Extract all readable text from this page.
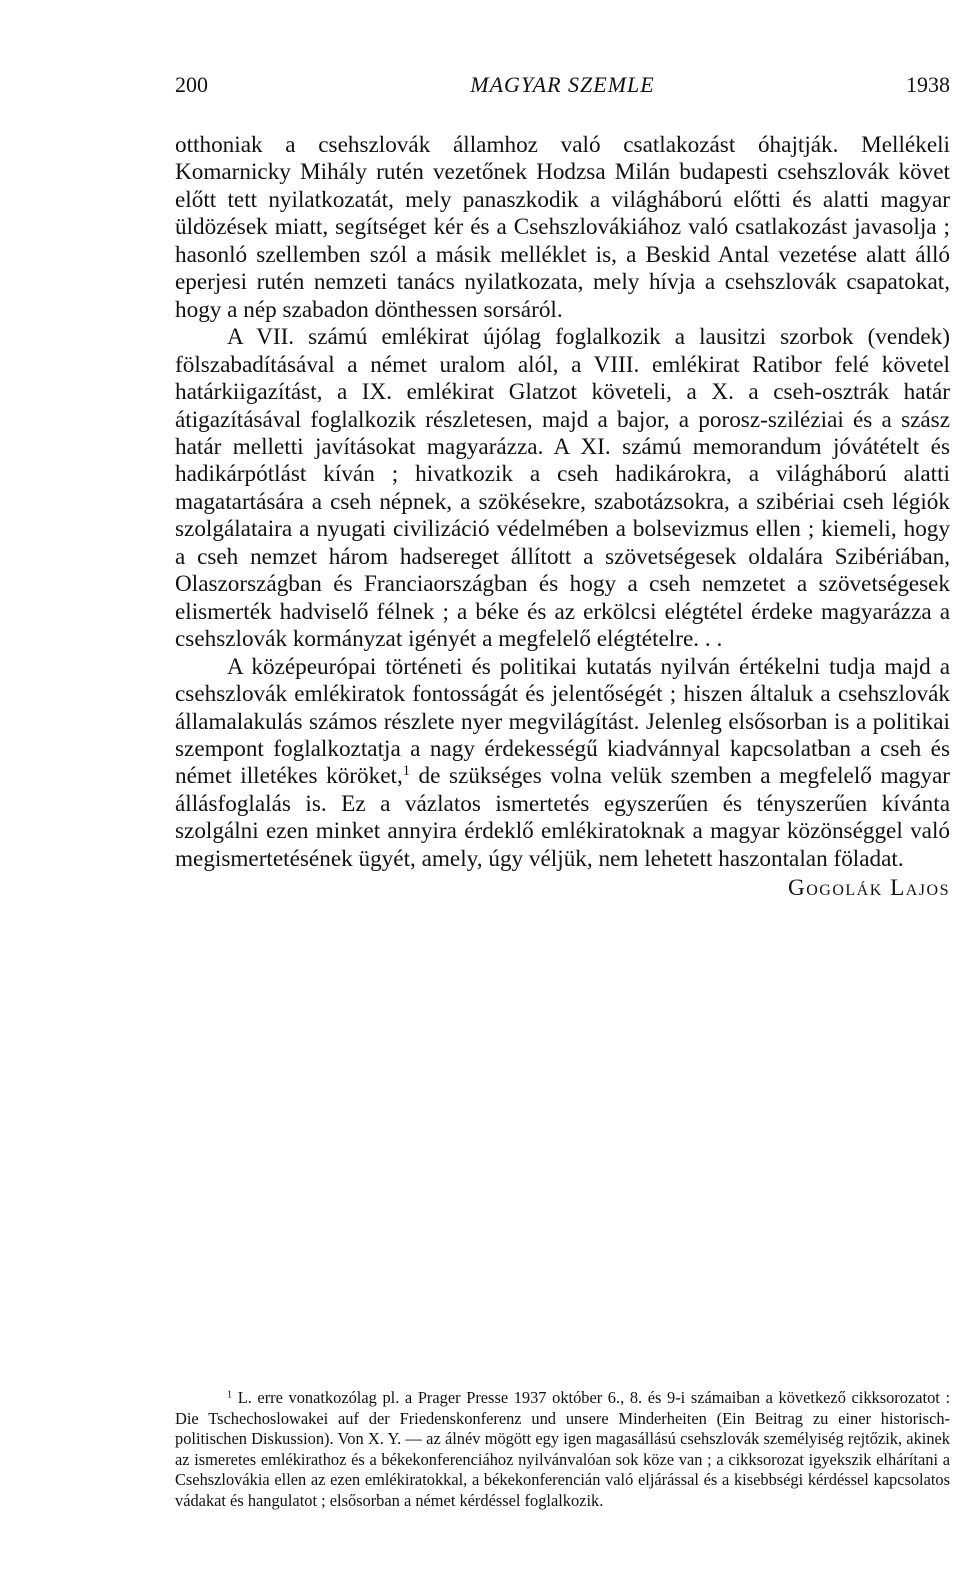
200	MAGYAR SZEMLE	1938

otthoniak a csehszlovák államhoz való csatlakozást óhajtják. Mellékeli Komarnicky Mihály rutén vezetőnek Hodzsa Milán budapesti csehszlovák követ előtt tett nyilatkozatát, mely panaszkodik a világháború előtti és alatti magyar üldözések miatt, segítséget kér és a Csehszlovákiához való csatlakozást javasolja ; hasonló szellemben szól a másik melléklet is, a Beskid Antal vezetése alatt álló eperjesi rutén nemzeti tanács nyilatkozata, mely hívja a csehszlovák csapatokat, hogy a nép szabadon dönthessen sorsáról.

A VII. számú emlékirat újólag foglalkozik a lausitzi szorbok (vendek) fölszabadításával a német uralom alól, a VIII. emlékirat Ratibor felé követel határkiigazítást, a IX. emlékirat Glatzot követeli, a X. a cseh-osztrák határ átigazításával foglalkozik részletesen, majd a bajor, a porosz-sziléziai és a szász határ melletti javításokat magyarázza. A XI. számú memorandum jóvátételt és hadikárpótlást kíván ; hivatkozik a cseh hadikárokra, a világháború alatti magatartására a cseh népnek, a szökésekre, szabotázsokra, a szibériai cseh légiók szolgálataira a nyugati civilizáció védelmében a bolsevizmus ellen ; kiemeli, hogy a cseh nemzet három hadsereget állított a szövetségesek oldalára Szibériában, Olaszországban és Franciaországban és hogy a cseh nemzetet a szövetségesek elismerték hadviselő félnek ; a béke és az erkölcsi elégtétel érdeke magyarázza a csehszlovák kormányzat igényét a megfelelő elégtételre. . .

A középeurópai történeti és politikai kutatás nyilván értékelni tudja majd a csehszlovák emlékiratok fontosságát és jelentőségét ; hiszen általuk a csehszlovák államalakulás számos részlete nyer megvilágítást. Jelenleg elsősorban is a politikai szempont foglalkoztatja a nagy érdekességű kiadvánnyal kapcsolatban a cseh és német illetékes köröket,$^1$ de szükséges volna velük szemben a megfelelő magyar állásfoglalás is. Ez a vázlatos ismertetés egyszerűen és tényszerűen kívánta szolgálni ezen minket annyira érdeklő emlékiratoknak a magyar közönséggel való megismertetésének ügyét, amely, úgy véljük, nem lehetett haszontalan föladat.

Gogolák Lajos

$^1$ L. erre vonatkozólag pl. a Prager Presse 1937 október 6., 8. és 9-i számaiban a következő cikksorozatot : Die Tschechoslowakei auf der Friedenskonferenz und unsere Minderheiten (Ein Beitrag zu einer historisch-politischen Diskussion). Von X. Y. — az álnév mögött egy igen magasállású csehszlovák személyiség rejtőzik, akinek az ismeretes emlékirathoz és a békekonferenciához nyilvánvalóan sok köze van ; a cikksorozat igyekszik elhárítani a Csehszlovákia ellen az ezen emlékiratokkal, a békekonferencián való eljárással és a kisebbségi kérdéssel kapcsolatos vádakat és hangulatot ; elsősorban a német kérdéssel foglalkozik.
